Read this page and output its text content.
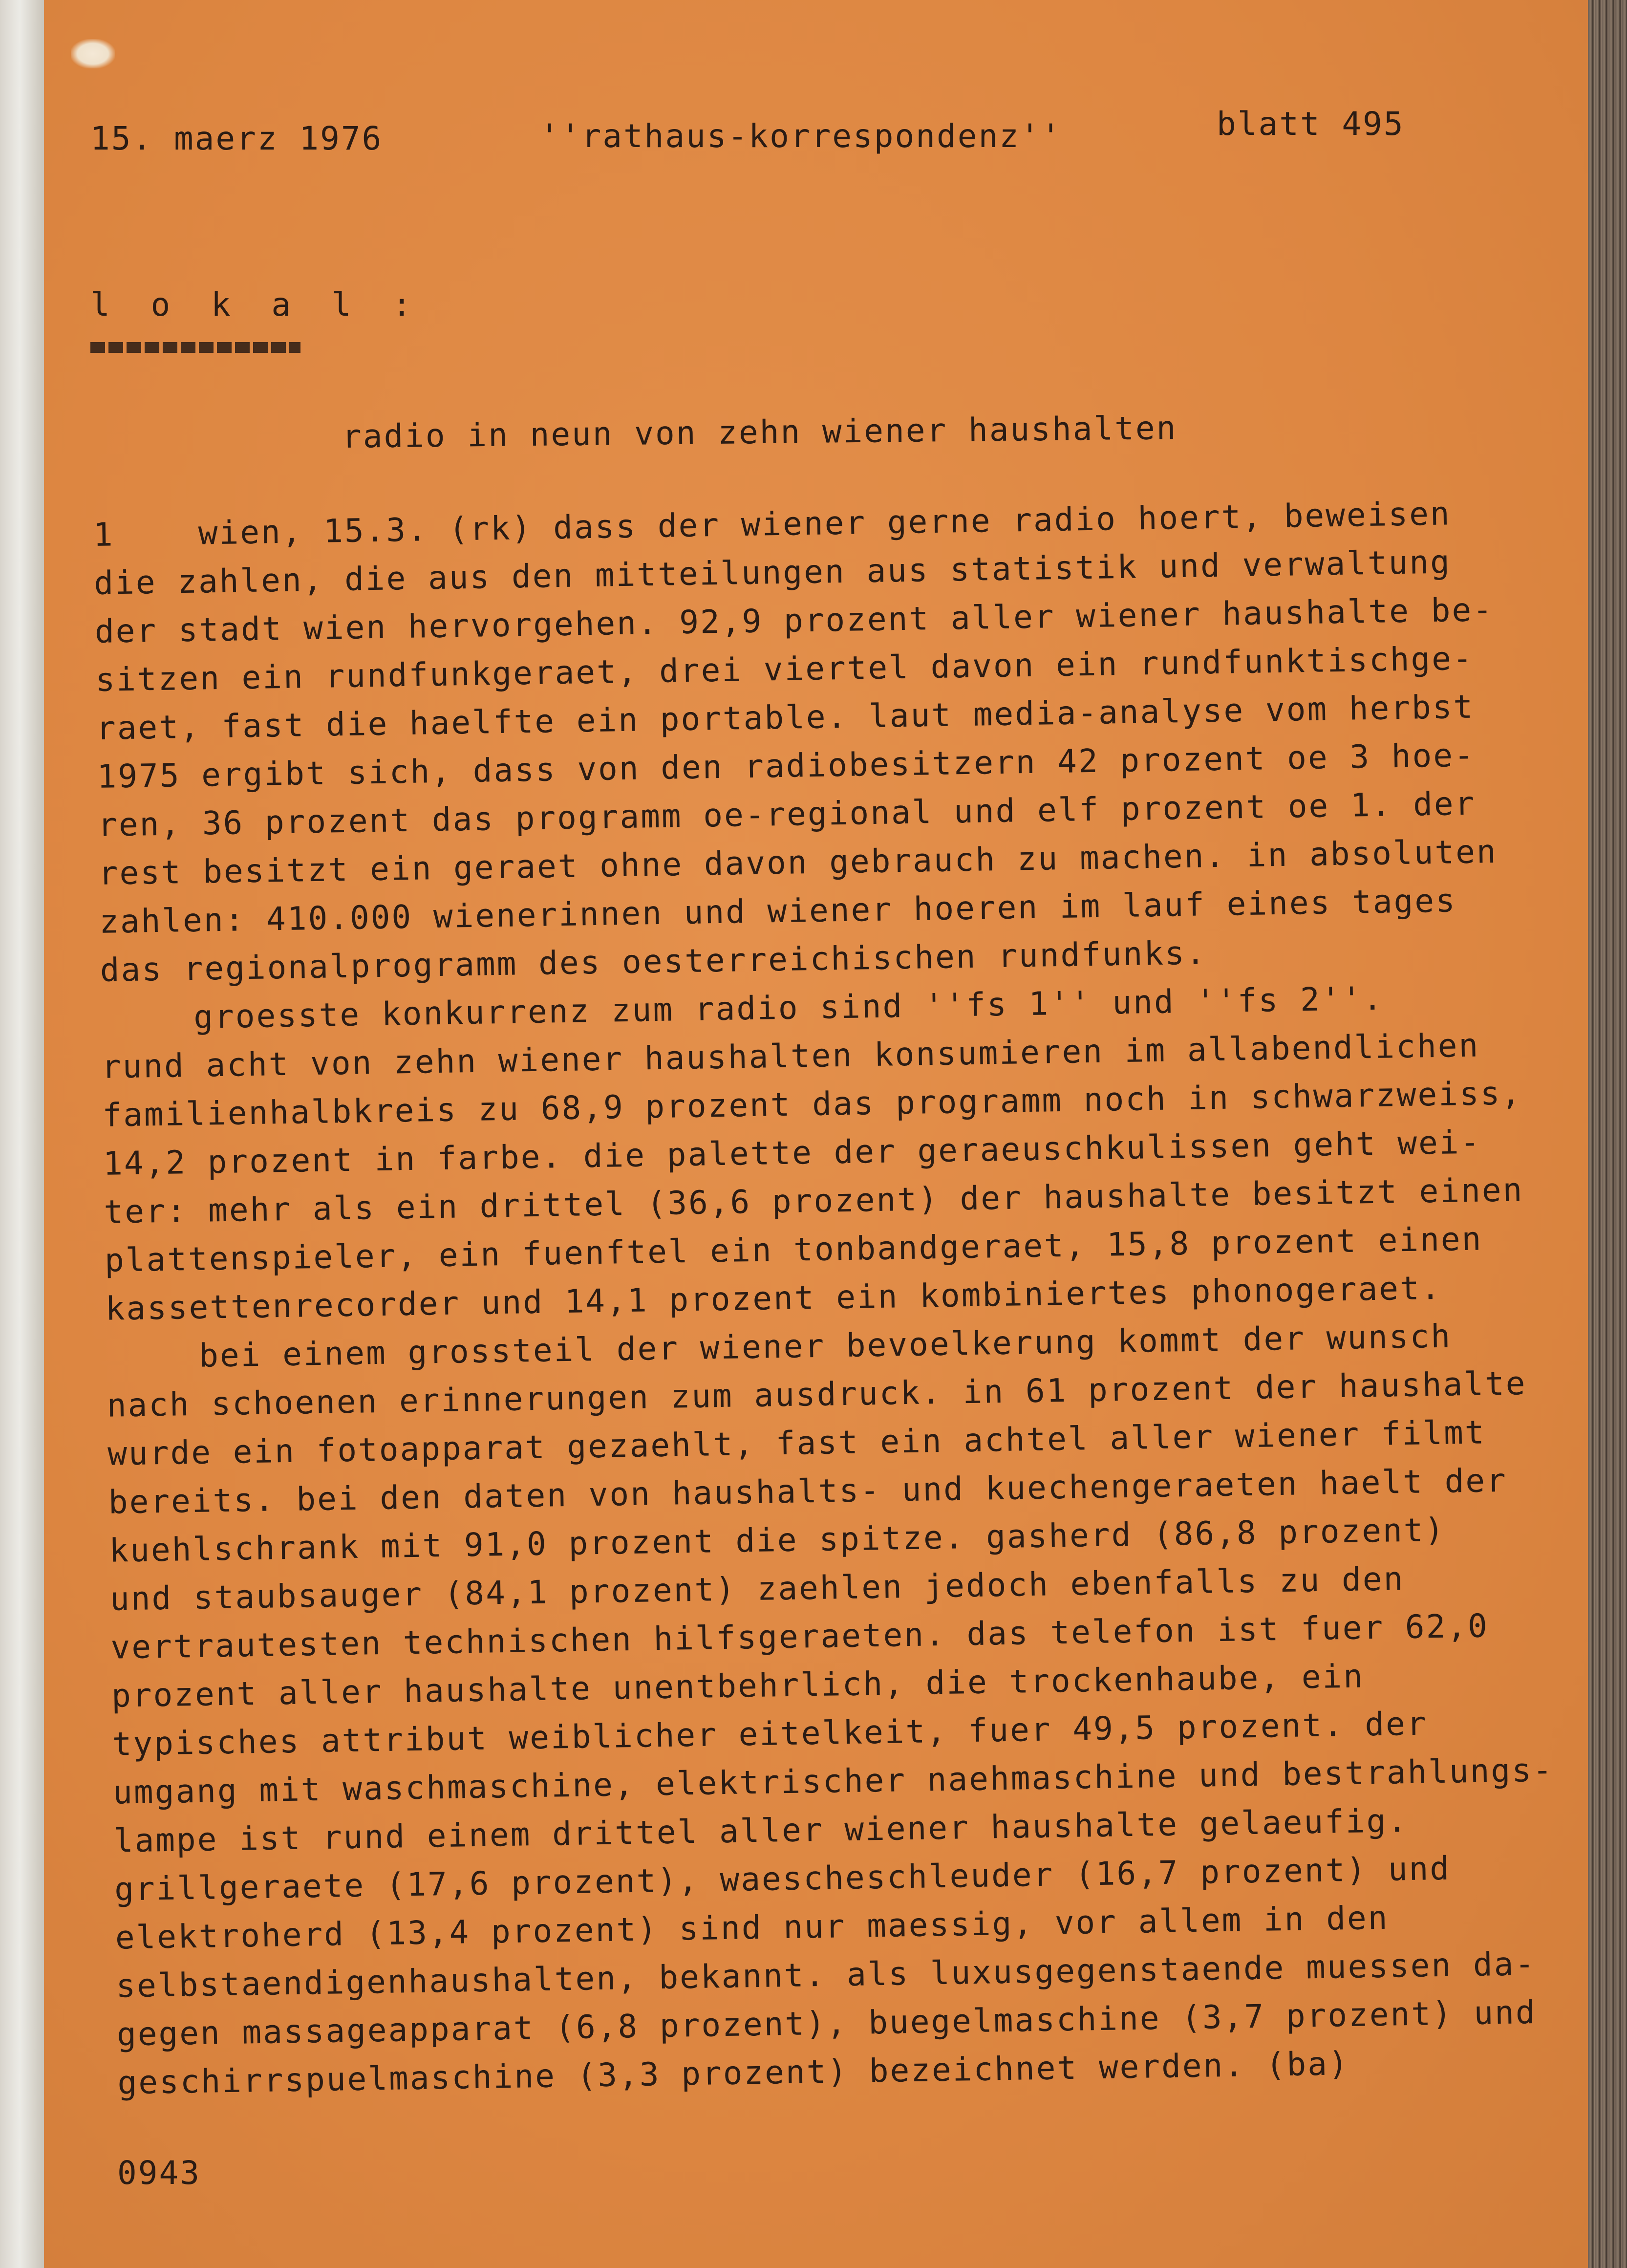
15. maerz 1976	''rathaus-korrespondenz''	blatt 495
l o k a l :
radio in neun von zehn wiener haushalten
1	wien, 15.3. (rk) dass der wiener gerne radio hoert, beweisen
die zahlen, die aus den mitteilungen aus statistik und verwaltung
der stadt wien hervorgehen. 92,9 prozent aller wiener haushalte be-
sitzen ein rundfunkgeraet, drei viertel davon ein rundfunktischge-
raet, fast die haelfte ein portable. laut media-analyse vom herbst
1975 ergibt sich, dass von den radiobesitzern 42 prozent oe 3 hoe-
ren, 36 prozent das programm oe-regional und elf prozent oe 1. der
rest besitzt ein geraet ohne davon gebrauch zu machen. in absoluten
zahlen: 410.000 wienerinnen und wiener hoeren im lauf eines tages
das regionalprogramm des oesterreichischen rundfunks.
groesste konkurrenz zum radio sind ''fs 1'' und ''fs 2''.
rund acht von zehn wiener haushalten konsumieren im allabendlichen
familienhalbkreis zu 68,9 prozent das programm noch in schwarzweiss,
14,2 prozent in farbe. die palette der geraeuschkulissen geht wei-
ter: mehr als ein drittel (36,6 prozent) der haushalte besitzt einen
plattenspieler, ein fuenftel ein tonbandgeraet, 15,8 prozent einen
kassettenrecorder und 14,1 prozent ein kombiniertes phonogeraet.
bei einem grossteil der wiener bevoelkerung kommt der wunsch
nach schoenen erinnerungen zum ausdruck. in 61 prozent der haushalte
wurde ein fotoapparat gezaehlt, fast ein achtel aller wiener filmt
bereits. bei den daten von haushalts- und kuechengeraeten haelt der
kuehlschrank mit 91,0 prozent die spitze. gasherd (86,8 prozent)
und staubsauger (84,1 prozent) zaehlen jedoch ebenfalls zu den
vertrautesten technischen hilfsgeraeten. das telefon ist fuer 62,0
prozent aller haushalte unentbehrlich, die trockenhaube, ein
typisches attribut weiblicher eitelkeit, fuer 49,5 prozent. der
umgang mit waschmaschine, elektrischer naehmaschine und bestrahlungs-
lampe ist rund einem drittel aller wiener haushalte gelaeufig.
grillgeraete (17,6 prozent), waescheschleuder (16,7 prozent) und
elektroherd (13,4 prozent) sind nur maessig, vor allem in den
selbstaendigenhaushalten, bekannt. als luxusgegenstaende muessen da-
gegen massageapparat (6,8 prozent), buegelmaschine (3,7 prozent) und
geschirrspuelmaschine (3,3 prozent) bezeichnet werden. (ba)
0943
